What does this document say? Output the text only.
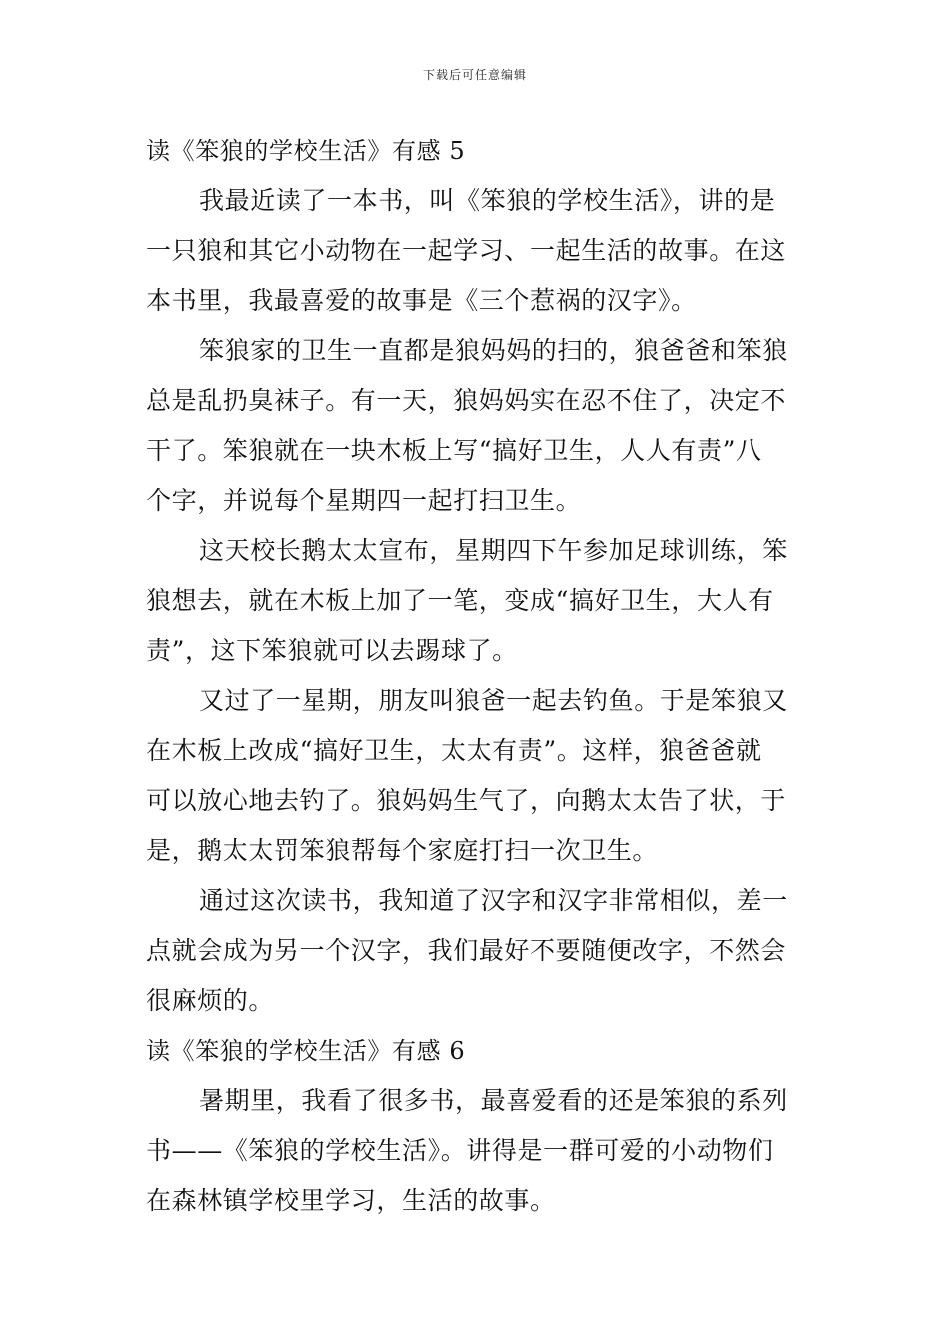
下载后可任意编辑
读《笨狼的学校生活》有感 5
我最近读了一本书，叫《笨狼的学校生活》，讲的是
一只狼和其它小动物在一起学习、一起生活的故事。在这
本书里，我最喜爱的故事是《三个惹祸的汉字》。
笨狼家的卫生一直都是狼妈妈的扫的，狼爸爸和笨狼
总是乱扔臭袜子。有一天，狼妈妈实在忍不住了，决定不
干了。笨狼就在一块木板上写“搞好卫生，人人有责”八
个字，并说每个星期四一起打扫卫生。
这天校长鹅太太宣布，星期四下午参加足球训练，笨
狼想去，就在木板上加了一笔，变成“搞好卫生，大人有
责”，这下笨狼就可以去踢球了。
又过了一星期，朋友叫狼爸一起去钓鱼。于是笨狼又
在木板上改成“搞好卫生，太太有责”。这样，狼爸爸就
可以放心地去钓了。狼妈妈生气了，向鹅太太告了状，于
是，鹅太太罚笨狼帮每个家庭打扫一次卫生。
通过这次读书，我知道了汉字和汉字非常相似，差一
点就会成为另一个汉字，我们最好不要随便改字，不然会
很麻烦的。
读《笨狼的学校生活》有感 6
暑期里，我看了很多书，最喜爱看的还是笨狼的系列
书——《笨狼的学校生活》。讲得是一群可爱的小动物们
在森林镇学校里学习，生活的故事。
